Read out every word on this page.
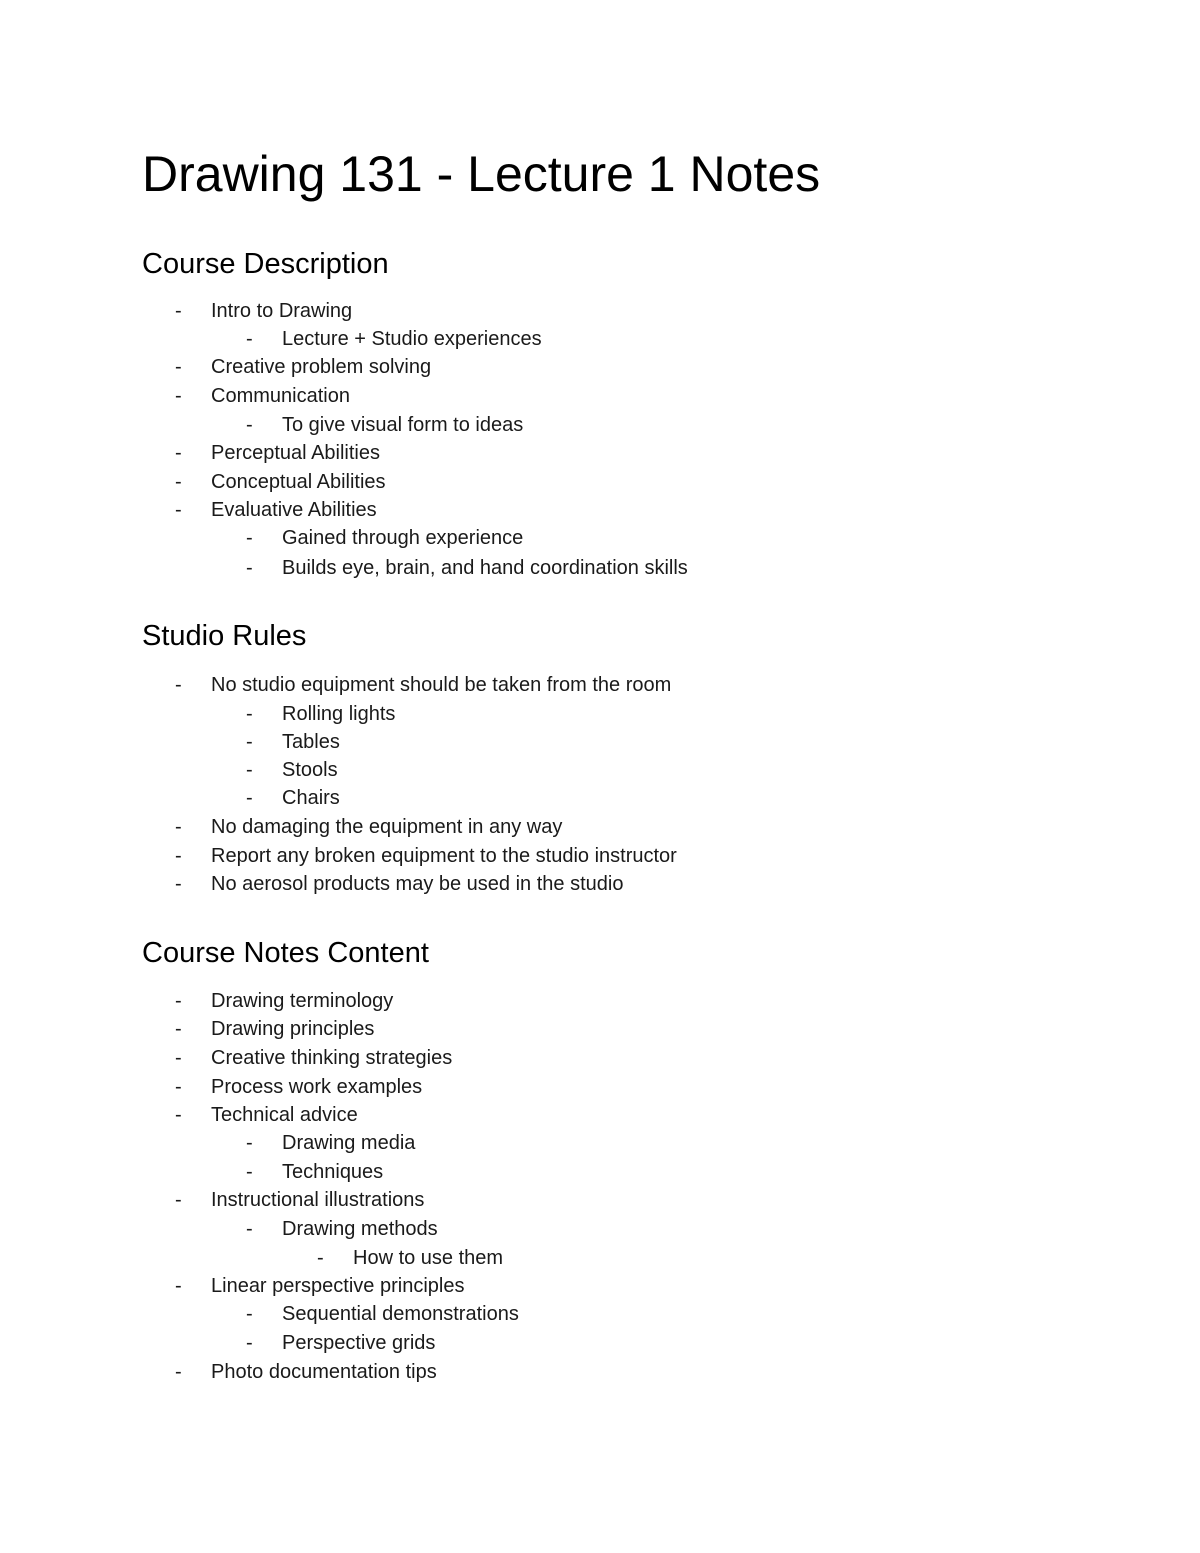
Drawing 131 - Lecture 1 Notes
Course Description
- Intro to Drawing
- Lecture + Studio experiences
- Creative problem solving
- Communication
- To give visual form to ideas
- Perceptual Abilities
- Conceptual Abilities
- Evaluative Abilities
- Gained through experience
- Builds eye, brain, and hand coordination skills
Studio Rules
- No studio equipment should be taken from the room
- Rolling lights
- Tables
- Stools
- Chairs
- No damaging the equipment in any way
- Report any broken equipment to the studio instructor
- No aerosol products may be used in the studio
Course Notes Content
- Drawing terminology
- Drawing principles
- Creative thinking strategies
- Process work examples
- Technical advice
- Drawing media
- Techniques
- Instructional illustrations
- Drawing methods
- How to use them
- Linear perspective principles
- Sequential demonstrations
- Perspective grids
- Photo documentation tips
